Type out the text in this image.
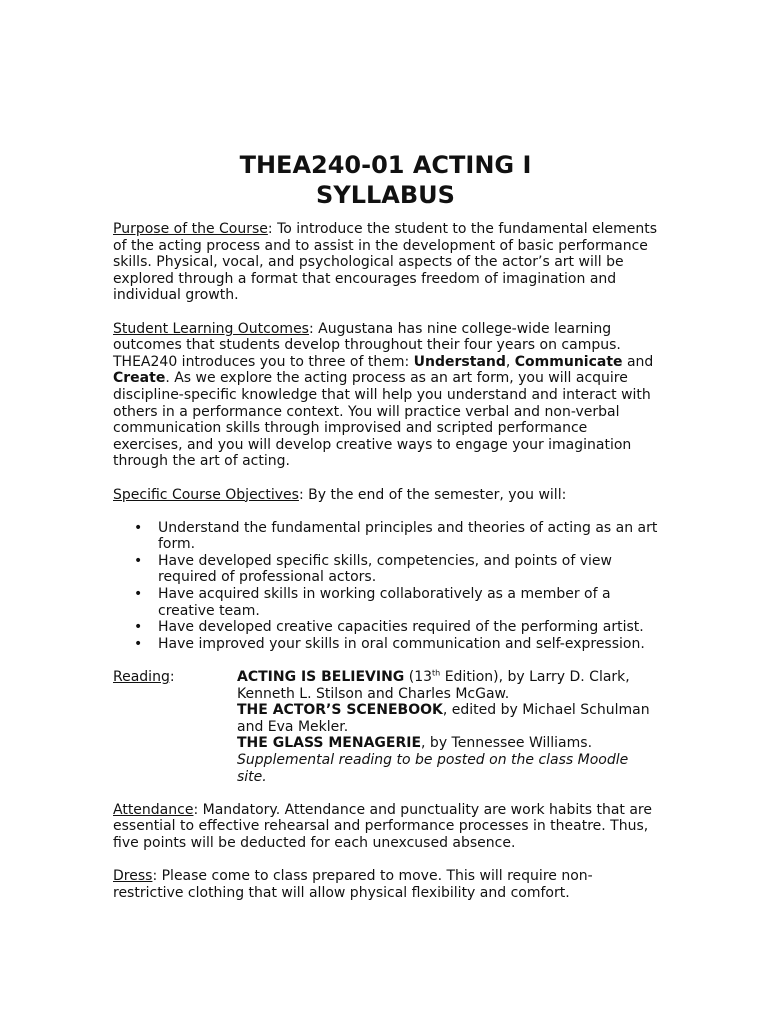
THEA240-01 ACTING I
SYLLABUS

Purpose of the Course: To introduce the student to the fundamental elements of the acting process and to assist in the development of basic performance skills. Physical, vocal, and psychological aspects of the actor’s art will be explored through a format that encourages freedom of imagination and individual growth.

Student Learning Outcomes: Augustana has nine college-wide learning outcomes that students develop throughout their four years on campus. THEA240 introduces you to three of them: Understand, Communicate and Create. As we explore the acting process as an art form, you will acquire discipline-specific knowledge that will help you understand and interact with others in a performance context. You will practice verbal and non-verbal communication skills through improvised and scripted performance exercises, and you will develop creative ways to engage your imagination through the art of acting.

Specific Course Objectives: By the end of the semester, you will:

• Understand the fundamental principles and theories of acting as an art form.
• Have developed specific skills, competencies, and points of view required of professional actors.
• Have acquired skills in working collaboratively as a member of a creative team.
• Have developed creative capacities required of the performing artist.
• Have improved your skills in oral communication and self-expression.
Reading:	ACTING IS BELIEVING (13th Edition), by Larry D. Clark, Kenneth L. Stilson and Charles McGaw.

THE ACTOR’S SCENEBOOK, edited by Michael Schulman and Eva Mekler.

THE GLASS MENAGERIE, by Tennessee Williams.

Supplemental reading to be posted on the class Moodle site.

Attendance: Mandatory. Attendance and punctuality are work habits that are essential to effective rehearsal and performance processes in theatre. Thus, five points will be deducted for each unexcused absence.

Dress: Please come to class prepared to move. This will require non-restrictive clothing that will allow physical flexibility and comfort.
